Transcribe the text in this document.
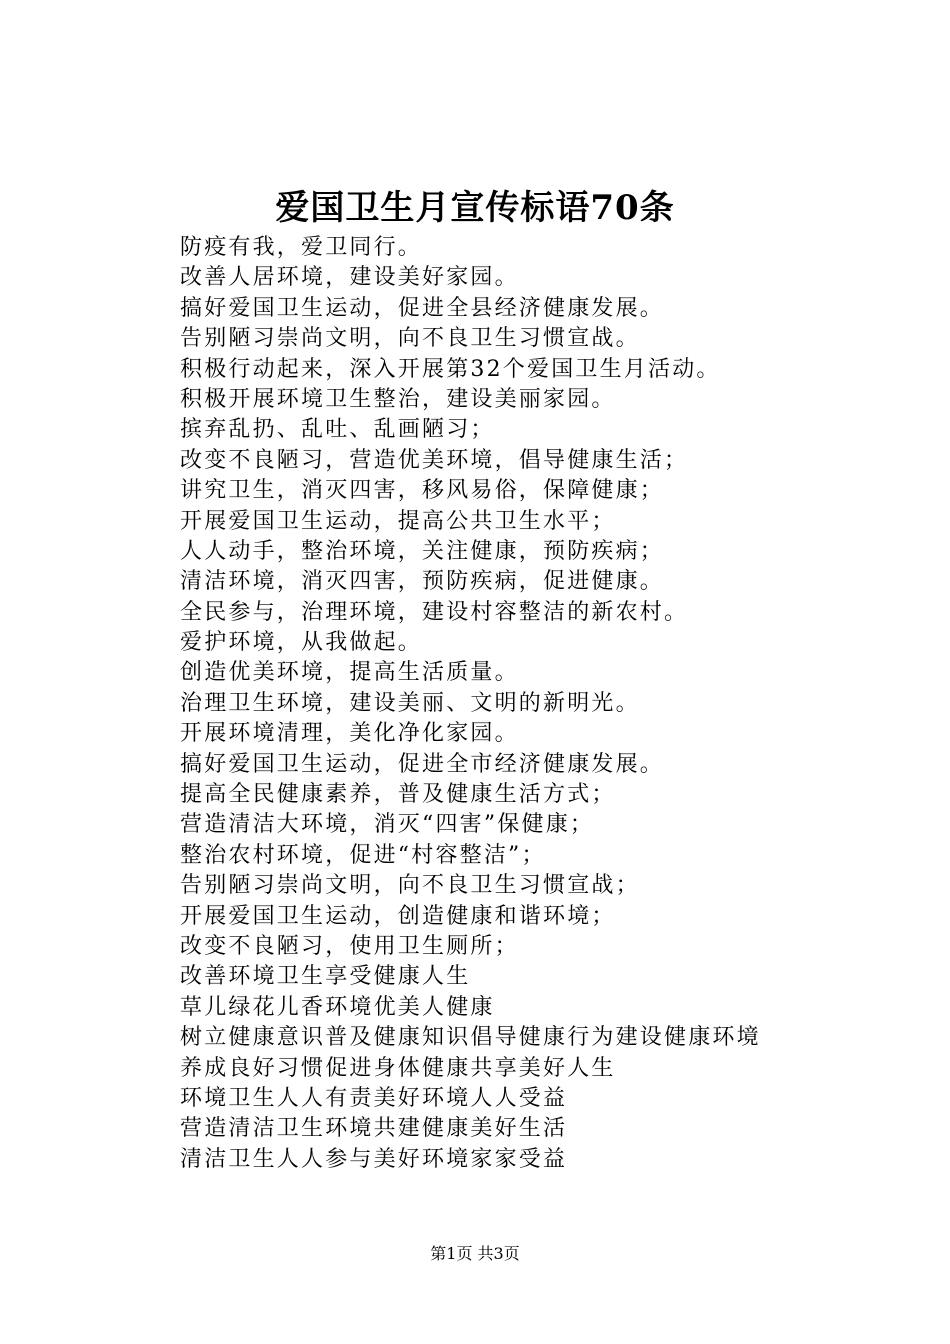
爱国卫生月宣传标语70条
防疫有我，爱卫同行。
改善人居环境，建设美好家园。
搞好爱国卫生运动，促进全县经济健康发展。
告别陋习崇尚文明，向不良卫生习惯宣战。
积极行动起来，深入开展第32个爱国卫生月活动。
积极开展环境卫生整治，建设美丽家园。
摈弃乱扔、乱吐、乱画陋习；
改变不良陋习，营造优美环境，倡导健康生活；
讲究卫生，消灭四害，移风易俗，保障健康；
开展爱国卫生运动，提高公共卫生水平；
人人动手，整治环境，关注健康，预防疾病；
清洁环境，消灭四害，预防疾病，促进健康。
全民参与，治理环境，建设村容整洁的新农村。
爱护环境，从我做起。
创造优美环境，提高生活质量。
治理卫生环境，建设美丽、文明的新明光。
开展环境清理，美化净化家园。
搞好爱国卫生运动，促进全市经济健康发展。
提高全民健康素养，普及健康生活方式；
营造清洁大环境，消灭“四害”保健康；
整治农村环境，促进“村容整洁”；
告别陋习崇尚文明，向不良卫生习惯宣战；
开展爱国卫生运动，创造健康和谐环境；
改变不良陋习，使用卫生厕所；
改善环境卫生享受健康人生
草儿绿花儿香环境优美人健康
树立健康意识普及健康知识倡导健康行为建设健康环境
养成良好习惯促进身体健康共享美好人生
环境卫生人人有责美好环境人人受益
营造清洁卫生环境共建健康美好生活
清洁卫生人人参与美好环境家家受益
第1页 共3页
